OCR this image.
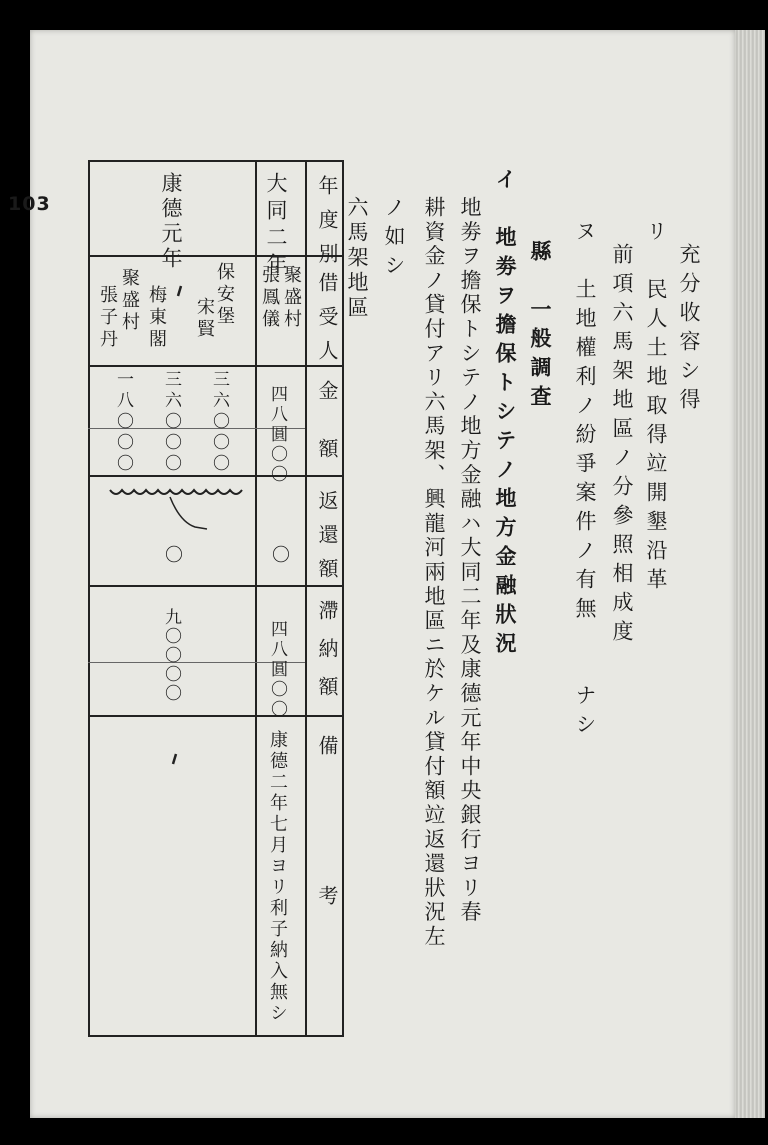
103
充分收容シ得
リ　民人土地取得竝開墾沿革
前項六馬架地區ノ分參照相成度
ヌ　土地權利ノ紛爭案件ノ有無　　ナシ
縣　一般調査
イ　地劵ヲ擔保トシテノ地方金融狀況
地劵ヲ擔保トシテノ地方金融ハ大同二年及康德元年中央銀行ヨリ春
耕資金ノ貸付アリ六馬架、興龍河兩地區ニ於ケル貸付額竝返還狀況左
ノ如シ
六馬架地區
年度別
借受人
金額
返還額
滯納額
備考
大同二年
聚盛村
張鳳儀
四八圓〇〇
〇
四八圓〇〇
康德二年七月ヨリ利子納入無シ
康德元年
保安堡
宋賢
聚盛村 梅東閣
張子丹
三六〇〇〇
三六〇〇〇
一八〇〇〇
〇
九〇〇〇〇
